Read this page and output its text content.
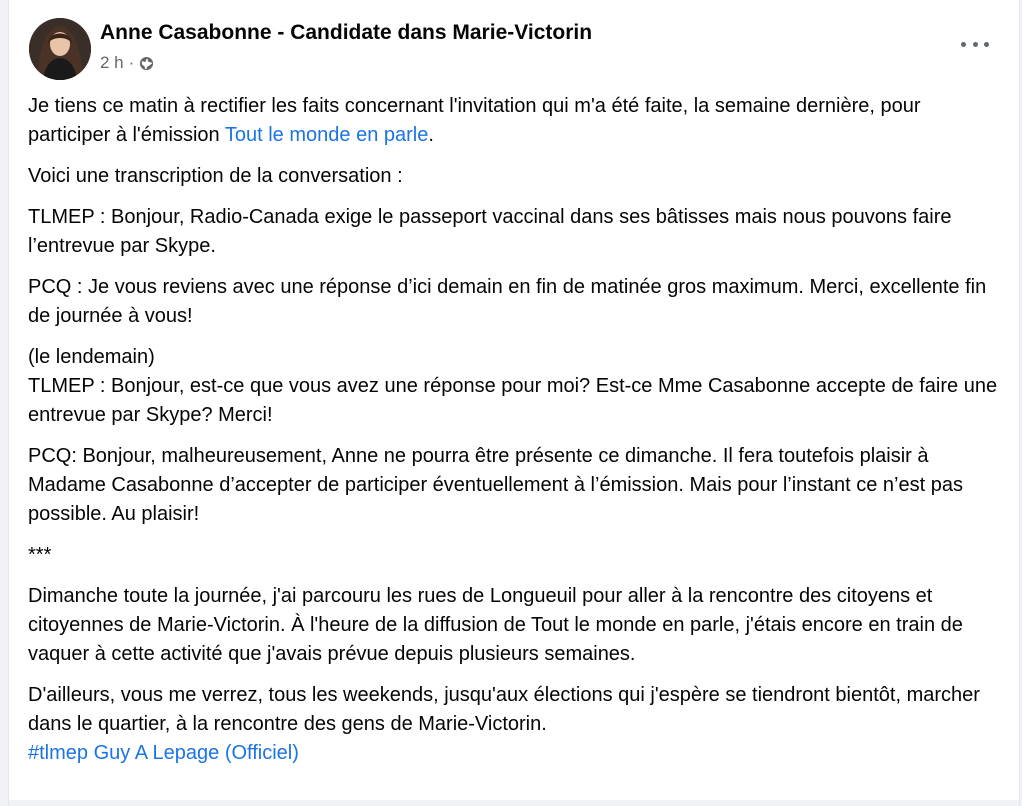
Anne Casabonne - Candidate dans Marie-Victorin
2 h ·

Je tiens ce matin à rectifier les faits concernant l'invitation qui m'a été faite, la semaine dernière, pour participer à l'émission Tout le monde en parle.

Voici une transcription de la conversation :

TLMEP : Bonjour, Radio-Canada exige le passeport vaccinal dans ses bâtisses mais nous pouvons faire l’entrevue par Skype.

PCQ : Je vous reviens avec une réponse d’ici demain en fin de matinée gros maximum. Merci, excellente fin de journée à vous!

(le lendemain)
TLMEP : Bonjour, est-ce que vous avez une réponse pour moi? Est-ce Mme Casabonne accepte de faire une entrevue par Skype? Merci!

PCQ: Bonjour, malheureusement, Anne ne pourra être présente ce dimanche. Il fera toutefois plaisir à Madame Casabonne d’accepter de participer éventuellement à l’émission. Mais pour l’instant ce n’est pas possible. Au plaisir!

***

Dimanche toute la journée, j'ai parcouru les rues de Longueuil pour aller à la rencontre des citoyens et citoyennes de Marie-Victorin. À l'heure de la diffusion de Tout le monde en parle, j'étais encore en train de vaquer à cette activité que j'avais prévue depuis plusieurs semaines.

D'ailleurs, vous me verrez, tous les weekends, jusqu'aux élections qui j'espère se tiendront bientôt, marcher dans le quartier, à la rencontre des gens de Marie-Victorin.
#tlmep Guy A Lepage (Officiel)
